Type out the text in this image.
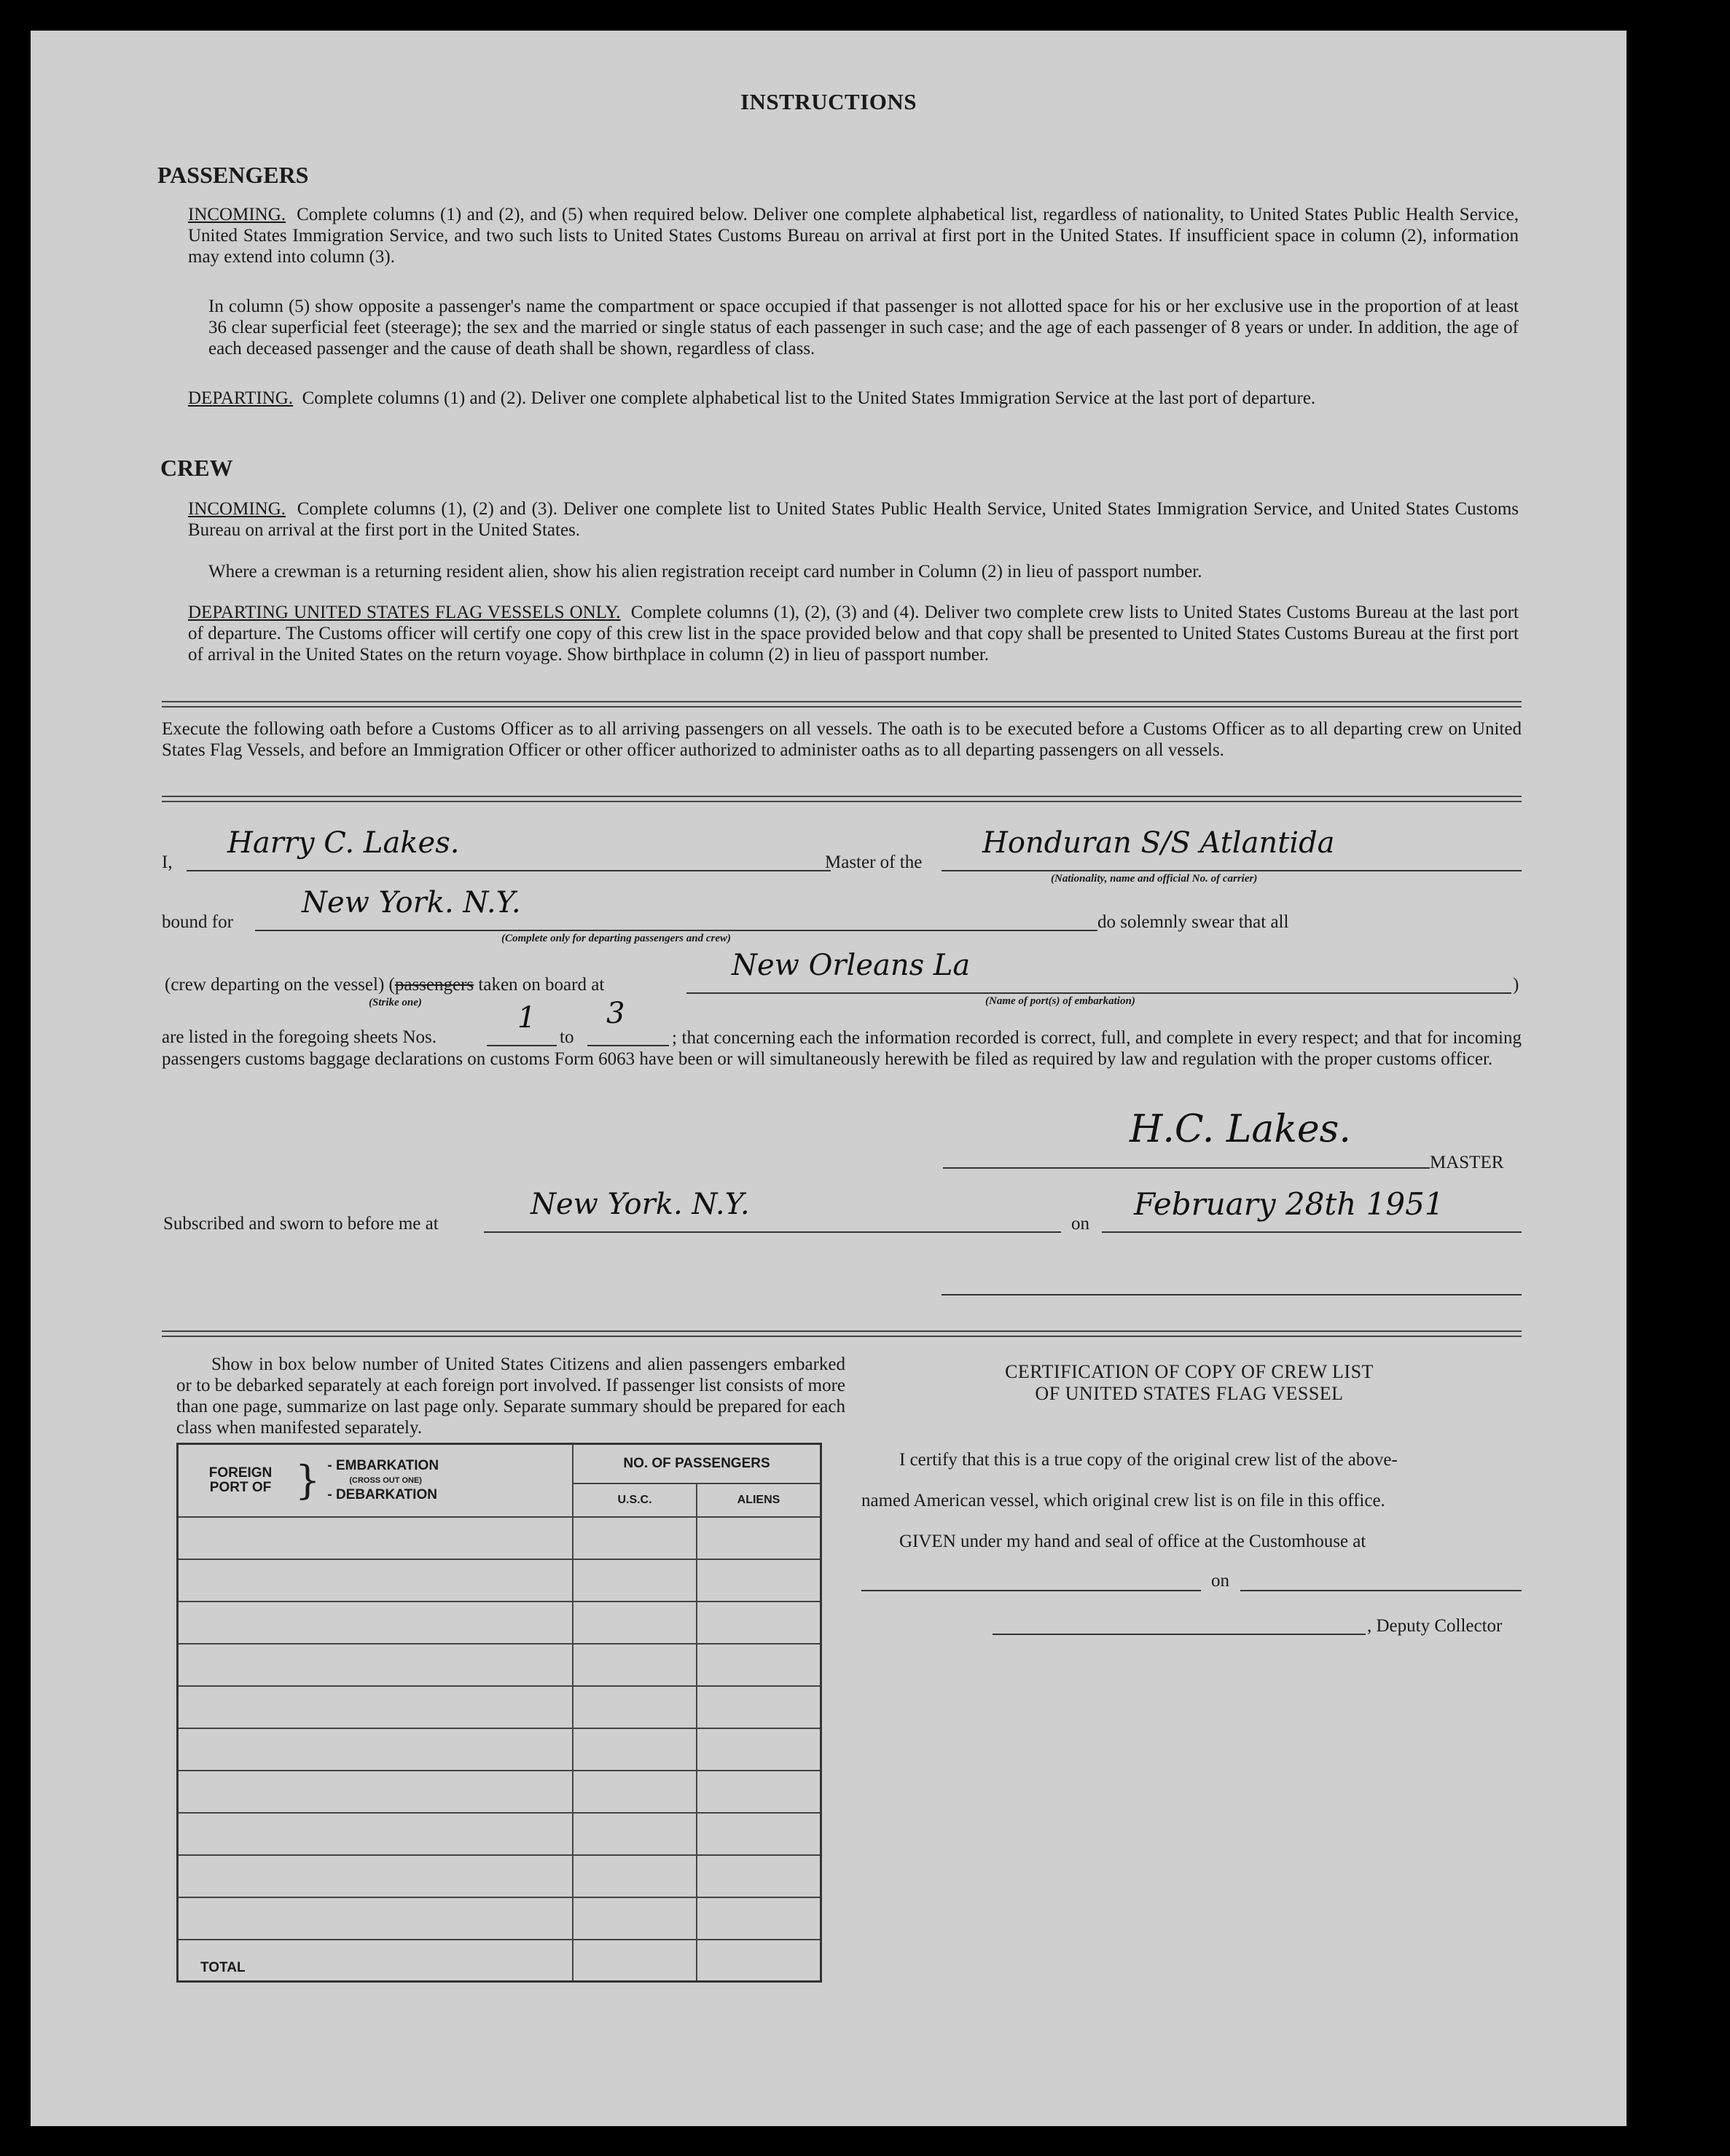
INSTRUCTIONS
PASSENGERS
INCOMING. Complete columns (1) and (2), and (5) when required below. Deliver one complete alphabetical list, regardless of nationality, to United States Public Health Service, United States Immigration Service, and two such lists to United States Customs Bureau on arrival at first port in the United States. If insufficient space in column (2), information may extend into column (3).
In column (5) show opposite a passenger's name the compartment or space occupied if that passenger is not allotted space for his or her exclusive use in the proportion of at least 36 clear superficial feet (steerage); the sex and the married or single status of each passenger in such case; and the age of each passenger of 8 years or under. In addition, the age of each deceased passenger and the cause of death shall be shown, regardless of class.
DEPARTING. Complete columns (1) and (2). Deliver one complete alphabetical list to the United States Immigration Service at the last port of departure.
CREW
INCOMING. Complete columns (1), (2) and (3). Deliver one complete list to United States Public Health Service, United States Immigration Service, and United States Customs Bureau on arrival at the first port in the United States.
Where a crewman is a returning resident alien, show his alien registration receipt card number in Column (2) in lieu of passport number.
DEPARTING UNITED STATES FLAG VESSELS ONLY. Complete columns (1), (2), (3) and (4). Deliver two complete crew lists to United States Customs Bureau at the last port of departure. The Customs officer will certify one copy of this crew list in the space provided below and that copy shall be presented to United States Customs Bureau at the first port of arrival in the United States on the return voyage. Show birthplace in column (2) in lieu of passport number.
Execute the following oath before a Customs Officer as to all arriving passengers on all vessels. The oath is to be executed before a Customs Officer as to all departing crew on United States Flag Vessels, and before an Immigration Officer or other officer authorized to administer oaths as to all departing passengers on all vessels.
I,
Harry C. Lakes.
Master of the
Honduran S/S Atlantida
(Nationality, name and official No. of carrier)
bound for
New York. N.Y.
(Complete only for departing passengers and crew)
do solemnly swear that all
(crew departing on the vessel) (passengers taken on board at
(Strike one)
New Orleans La
(Name of port(s) of embarkation)
)
are listed in the foregoing sheets Nos.
1
to
3
; that concerning each the information recorded is correct, full, and complete in every respect; and that for incoming passengers customs baggage declarations on customs Form 6063 have been or will simultaneously herewith be filed as required by law and regulation with the proper customs officer.
H.C. Lakes.
MASTER
Subscribed and sworn to before me at
New York. N.Y.
on
February 28th 1951
Show in box below number of United States Citizens and alien passengers embarked or to be debarked separately at each foreign port involved. If passenger list consists of more than one page, summarize on last page only. Separate summary should be prepared for each class when manifested separately.
FOREIGN PORT OF } - EMBARKATION
(CROSS OUT ONE)
- DEBARKATION	NO. OF PASSENGERS	
	U.S.C.	ALIENS

TOTAL		
CERTIFICATION OF COPY OF CREW LIST
OF UNITED STATES FLAG VESSEL
I certify that this is a true copy of the original crew list of the above-
named American vessel, which original crew list is on file in this office.
GIVEN under my hand and seal of office at the Customhouse at
on
, Deputy Collector
